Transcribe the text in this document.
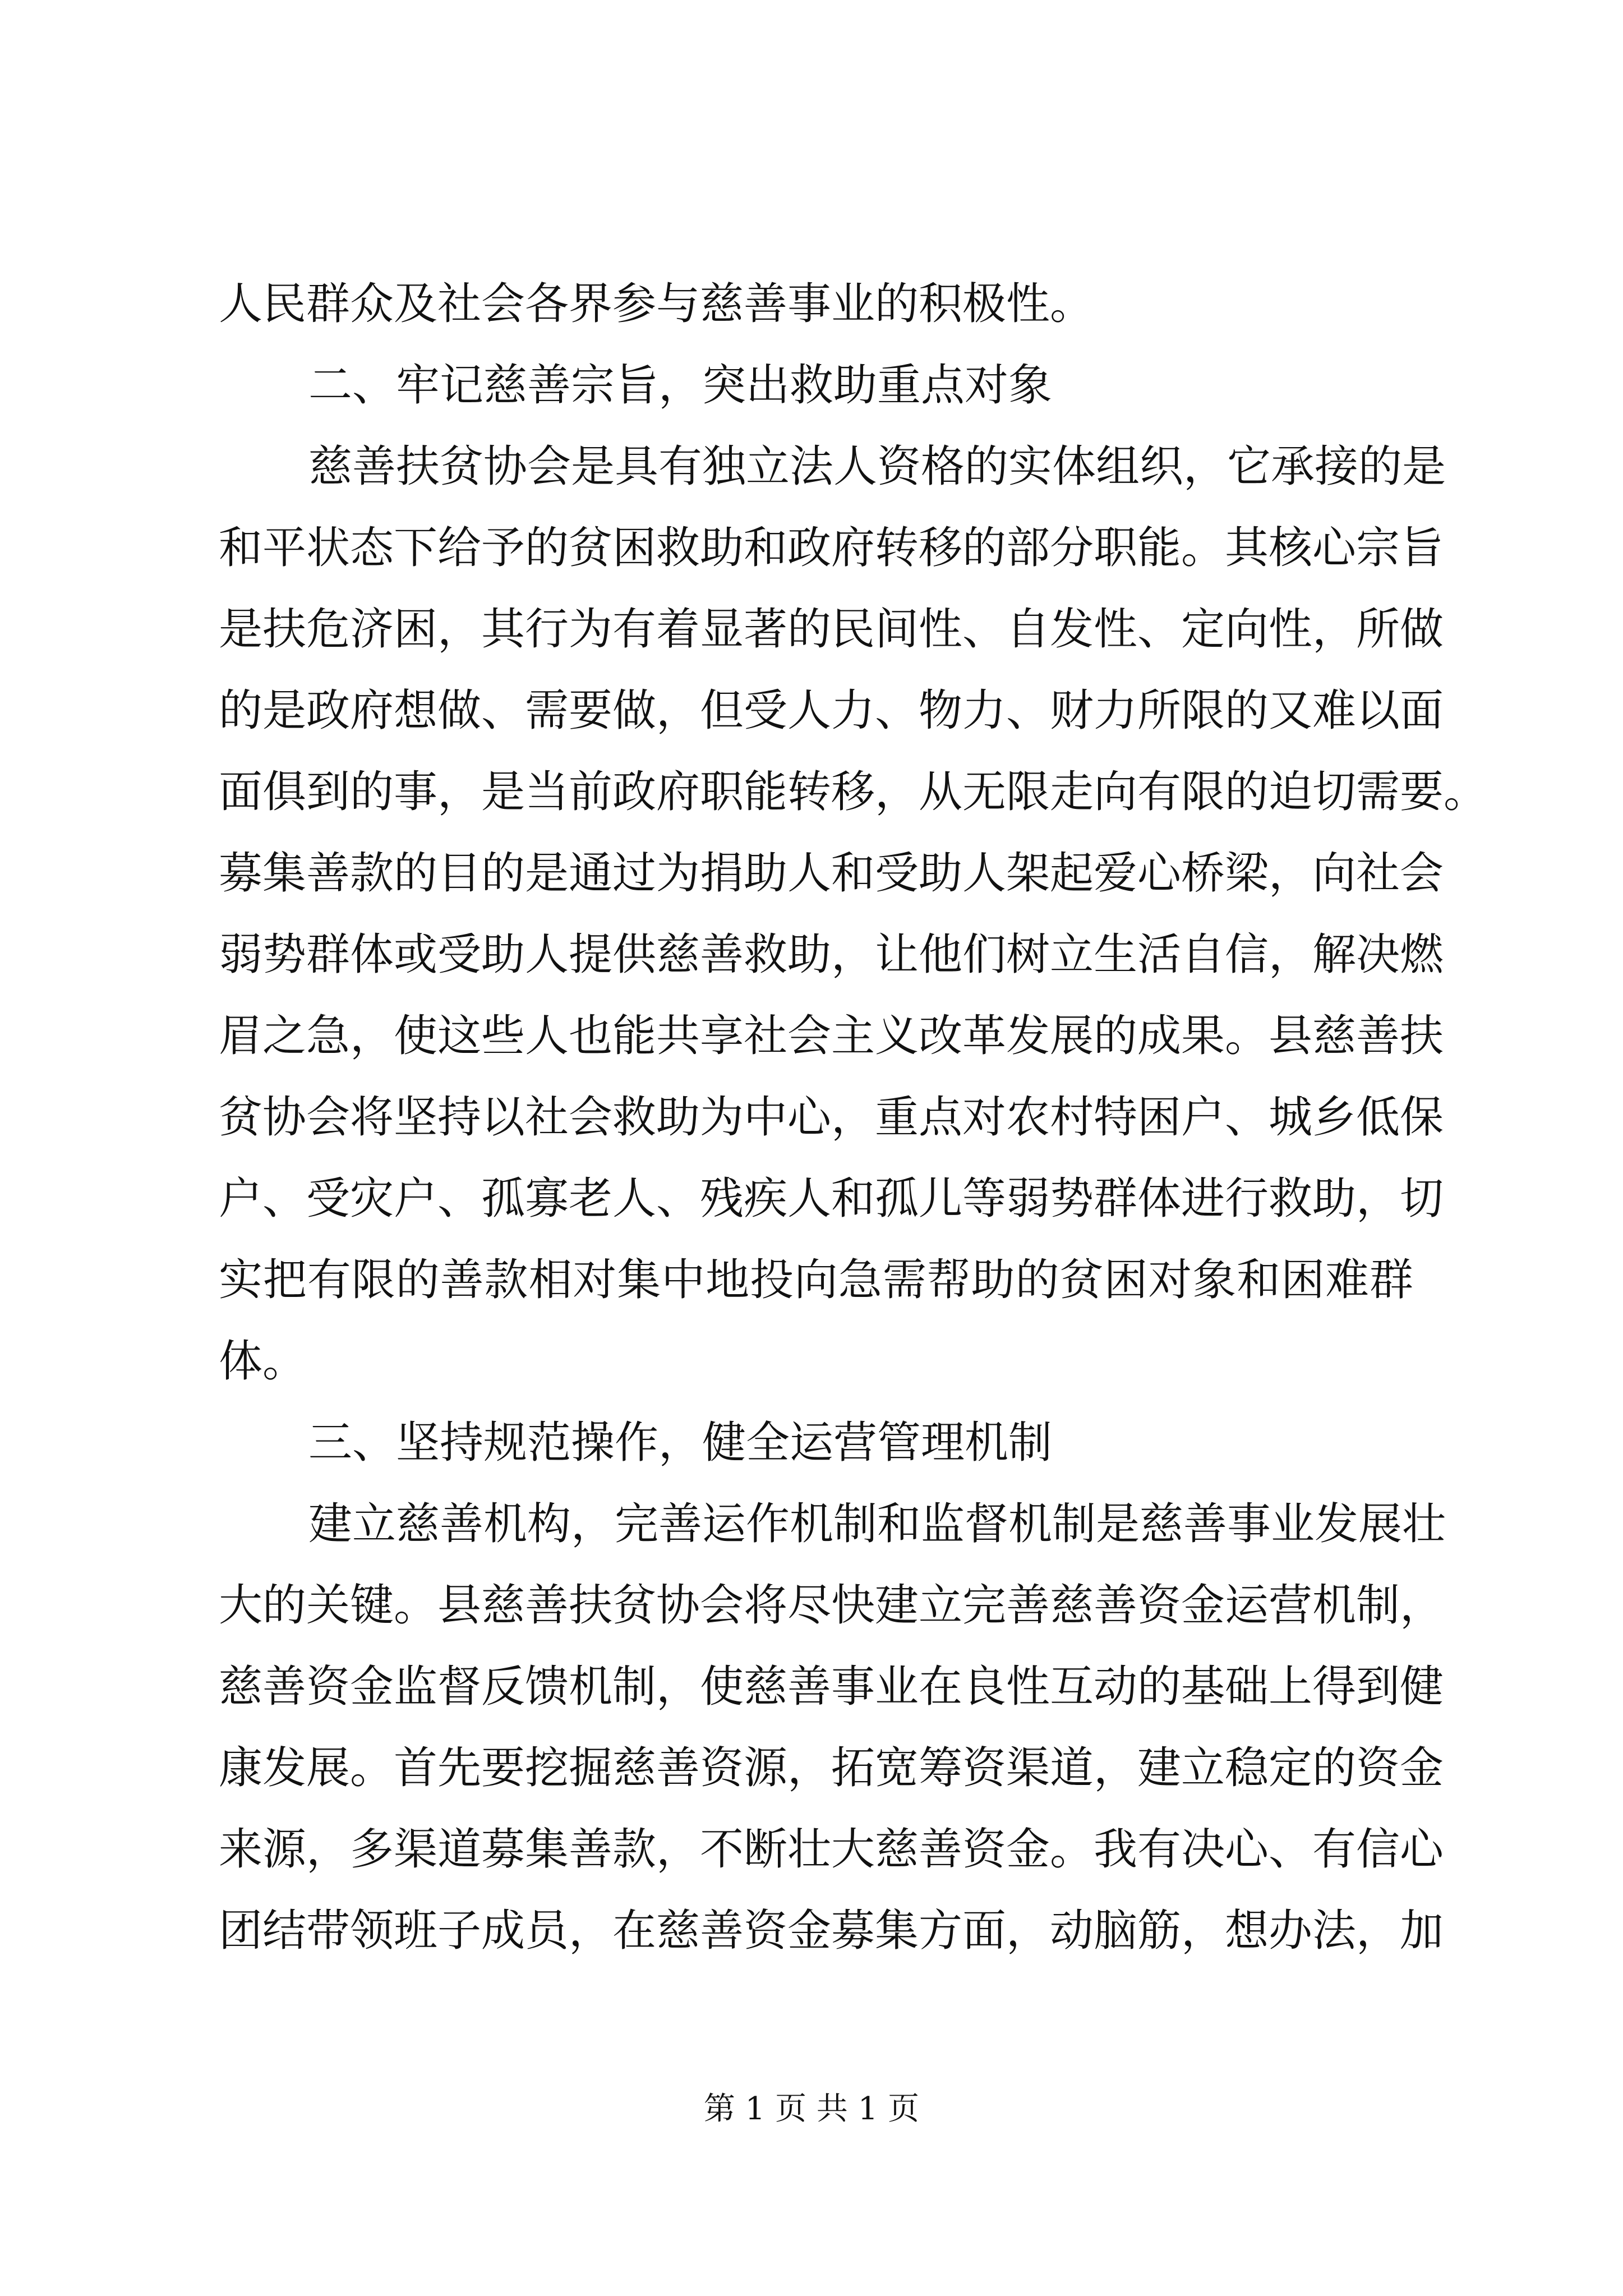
人民群众及社会各界参与慈善事业的积极性。
二、牢记慈善宗旨，突出救助重点对象
慈善扶贫协会是具有独立法人资格的实体组织，它承接的是
和平状态下给予的贫困救助和政府转移的部分职能。其核心宗旨
是扶危济困，其行为有着显著的民间性、自发性、定向性，所做
的是政府想做、需要做，但受人力、物力、财力所限的又难以面
面俱到的事，是当前政府职能转移，从无限走向有限的迫切需要。
募集善款的目的是通过为捐助人和受助人架起爱心桥梁，向社会
弱势群体或受助人提供慈善救助，让他们树立生活自信，解决燃
眉之急，使这些人也能共享社会主义改革发展的成果。县慈善扶
贫协会将坚持以社会救助为中心，重点对农村特困户、城乡低保
户、受灾户、孤寡老人、残疾人和孤儿等弱势群体进行救助，切
实把有限的善款相对集中地投向急需帮助的贫困对象和困难群
体。
三、坚持规范操作，健全运营管理机制
建立慈善机构，完善运作机制和监督机制是慈善事业发展壮
大的关键。县慈善扶贫协会将尽快建立完善慈善资金运营机制，
慈善资金监督反馈机制，使慈善事业在良性互动的基础上得到健
康发展。首先要挖掘慈善资源，拓宽筹资渠道，建立稳定的资金
来源，多渠道募集善款，不断壮大慈善资金。我有决心、有信心
团结带领班子成员，在慈善资金募集方面，动脑筋，想办法，加
第 1 页 共 1 页
